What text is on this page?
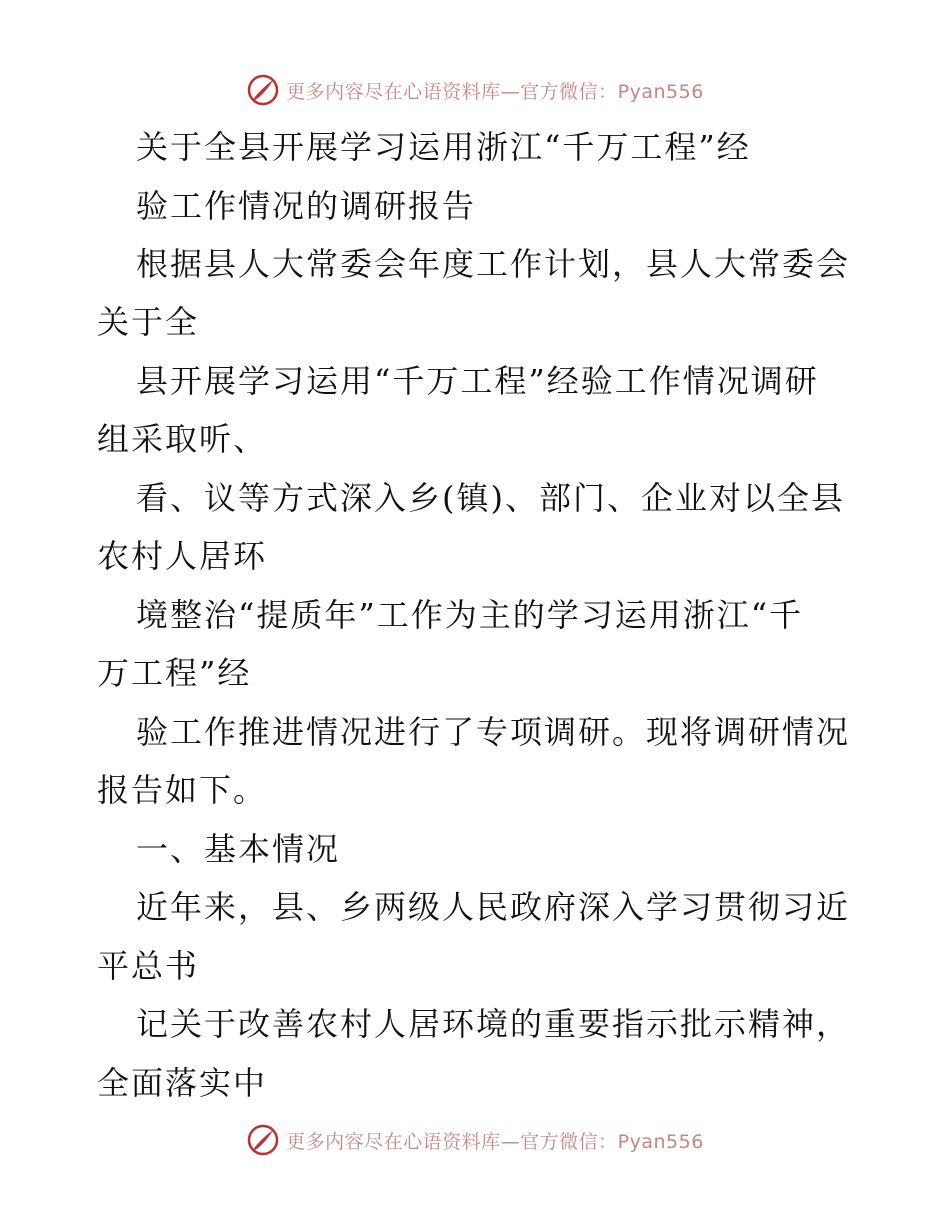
更多内容尽在心语资料库—官方微信：Pyan556
关于全县开展学习运用浙江“千万工程”经
验工作情况的调研报告
根据县人大常委会年度工作计划，县人大常委会
关于全
县开展学习运用“千万工程”经验工作情况调研
组采取听、
看、议等方式深入乡(镇)、部门、企业对以全县
农村人居环
境整治“提质年”工作为主的学习运用浙江“千
万工程”经
验工作推进情况进行了专项调研。现将调研情况
报告如下。
一、基本情况
近年来，县、乡两级人民政府深入学习贯彻习近
平总书
记关于改善农村人居环境的重要指示批示精神，
全面落实中
更多内容尽在心语资料库—官方微信：Pyan556
